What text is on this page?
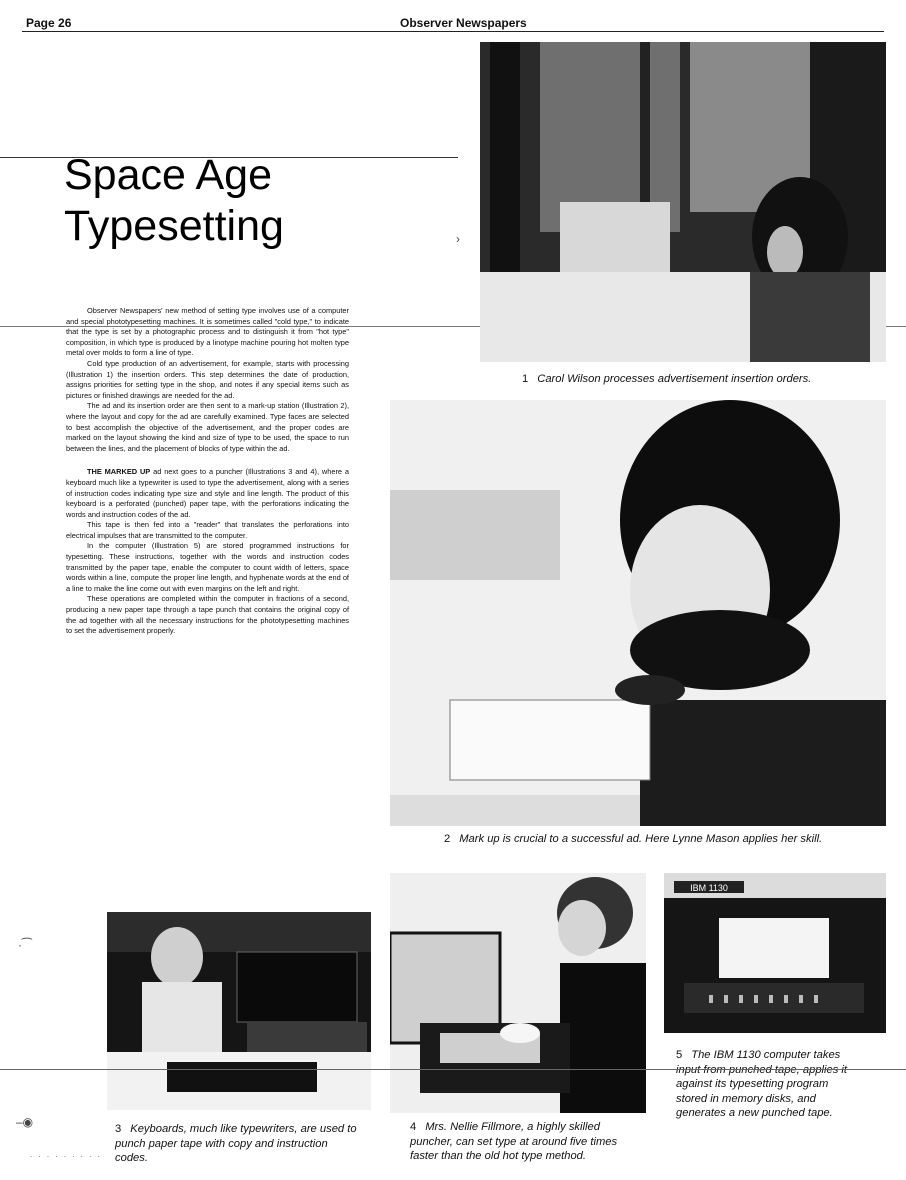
Page 26	Observer Newspapers
Space Age
Typesetting	›

Observer Newspapers' new method of setting type involves use of a computer and special phototypesetting machines. It is sometimes called "cold type," to indicate that the type is set by a photographic process and to distinguish it from "hot type" composition, in which type is produced by a linotype machine pouring hot molten type metal over molds to form a line of type.

Cold type production of an advertisement, for example, starts with processing (Illustration 1) the insertion orders. This step determines the date of production, assigns priorities for setting type in the shop, and notes if any special items such as pictures or finished drawings are needed for the ad.

The ad and its insertion order are then sent to a mark-up station (Illustration 2), where the layout and copy for the ad are carefully examined. Type faces are selected to best accomplish the objective of the advertisement, and the proper codes are marked on the layout showing the kind and size of type to be used, the space to run between the lines, and the placement of blocks of type within the ad.

THE MARKED UP ad next goes to a puncher (Illustrations 3 and 4), where a keyboard much like a typewriter is used to type the advertisement, along with a series of instruction codes indicating type size and style and line length. The product of this keyboard is a perforated (punched) paper tape, with the perforations indicating the words and instruction codes of the ad.

This tape is then fed into a "reader" that translates the perforations into electrical impulses that are transmitted to the computer.

In the computer (Illustration 5) are stored programmed instructions for typesetting. These instructions, together with the words and instruction codes transmitted by the paper tape, enable the computer to count width of letters, space words within a line, compute the proper line length, and hyphenate words at the end of a line to make the line come out with even margins on the left and right.

These operations are completed within the computer in fractions of a second, producing a new paper tape through a tape punch that contains the original copy of the ad together with all the necessary instructions for the phototypesetting machines to set the advertisement properly.

1 Carol Wilson processes advertisement insertion orders.
2 Mark up is crucial to a successful ad. Here Lynne Mason applies her skill.
3 Keyboards, much like typewriters, are used to punch paper tape with copy and instruction codes.
4 Mrs. Nellie Fillmore, a highly skilled puncher, can set type at around five times faster than the old hot type method.
IBM 1130
5 The IBM 1130 computer takes against its typesetting program stored in memory disks, and generates a new punched tape.
–◉
·⁀
. . . . . . . . .
